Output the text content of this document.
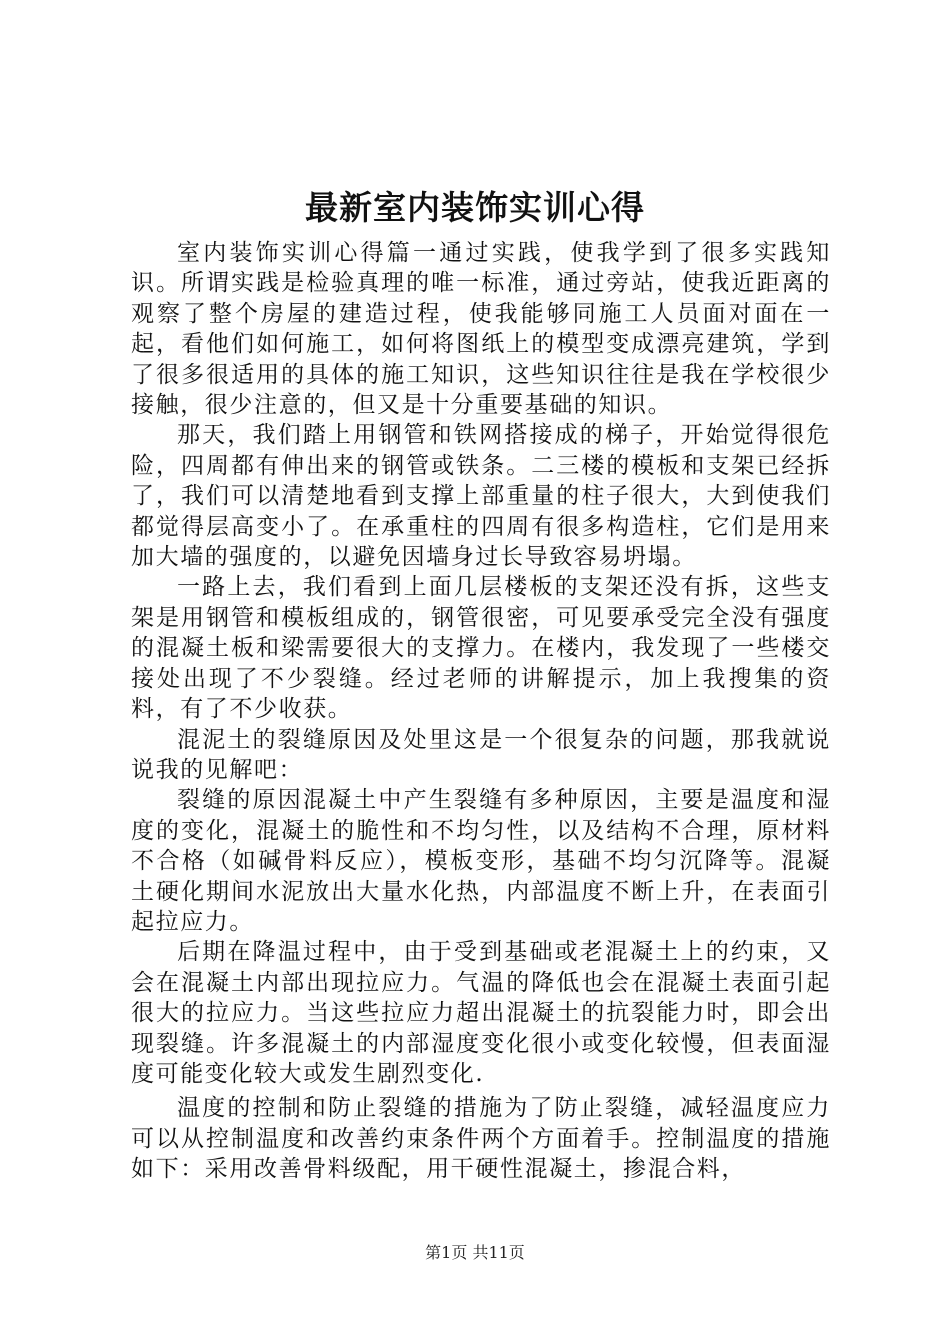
最新室内装饰实训心得

室内装饰实训心得篇一通过实践，使我学到了很多实践知识。所谓实践是检验真理的唯一标准，通过旁站，使我近距离的观察了整个房屋的建造过程，使我能够同施工人员面对面在一起，看他们如何施工，如何将图纸上的模型变成漂亮建筑，学到了很多很适用的具体的施工知识，这些知识往往是我在学校很少接触，很少注意的，但又是十分重要基础的知识。

那天，我们踏上用钢管和铁网搭接成的梯子，开始觉得很危险，四周都有伸出来的钢管或铁条。二三楼的模板和支架已经拆了，我们可以清楚地看到支撑上部重量的柱子很大，大到使我们都觉得层高变小了。在承重柱的四周有很多构造柱，它们是用来加大墙的强度的，以避免因墙身过长导致容易坍塌。

一路上去，我们看到上面几层楼板的支架还没有拆，这些支架是用钢管和模板组成的，钢管很密，可见要承受完全没有强度的混凝土板和梁需要很大的支撑力。在楼内，我发现了一些楼交接处出现了不少裂缝。经过老师的讲解提示，加上我搜集的资料，有了不少收获。

混泥土的裂缝原因及处里这是一个很复杂的问题，那我就说说我的见解吧：

裂缝的原因混凝土中产生裂缝有多种原因，主要是温度和湿度的变化，混凝土的脆性和不均匀性，以及结构不合理，原材料不合格（如碱骨料反应），模板变形，基础不均匀沉降等。混凝土硬化期间水泥放出大量水化热，内部温度不断上升，在表面引起拉应力。

后期在降温过程中，由于受到基础或老混凝土上的约束，又会在混凝土内部出现拉应力。气温的降低也会在混凝土表面引起很大的拉应力。当这些拉应力超出混凝土的抗裂能力时，即会出现裂缝。许多混凝土的内部湿度变化很小或变化较慢，但表面湿度可能变化较大或发生剧烈变化.

温度的控制和防止裂缝的措施为了防止裂缝，减轻温度应力可以从控制温度和改善约束条件两个方面着手。控制温度的措施如下：采用改善骨料级配，用干硬性混凝土，掺混合料，

第1页 共11页
